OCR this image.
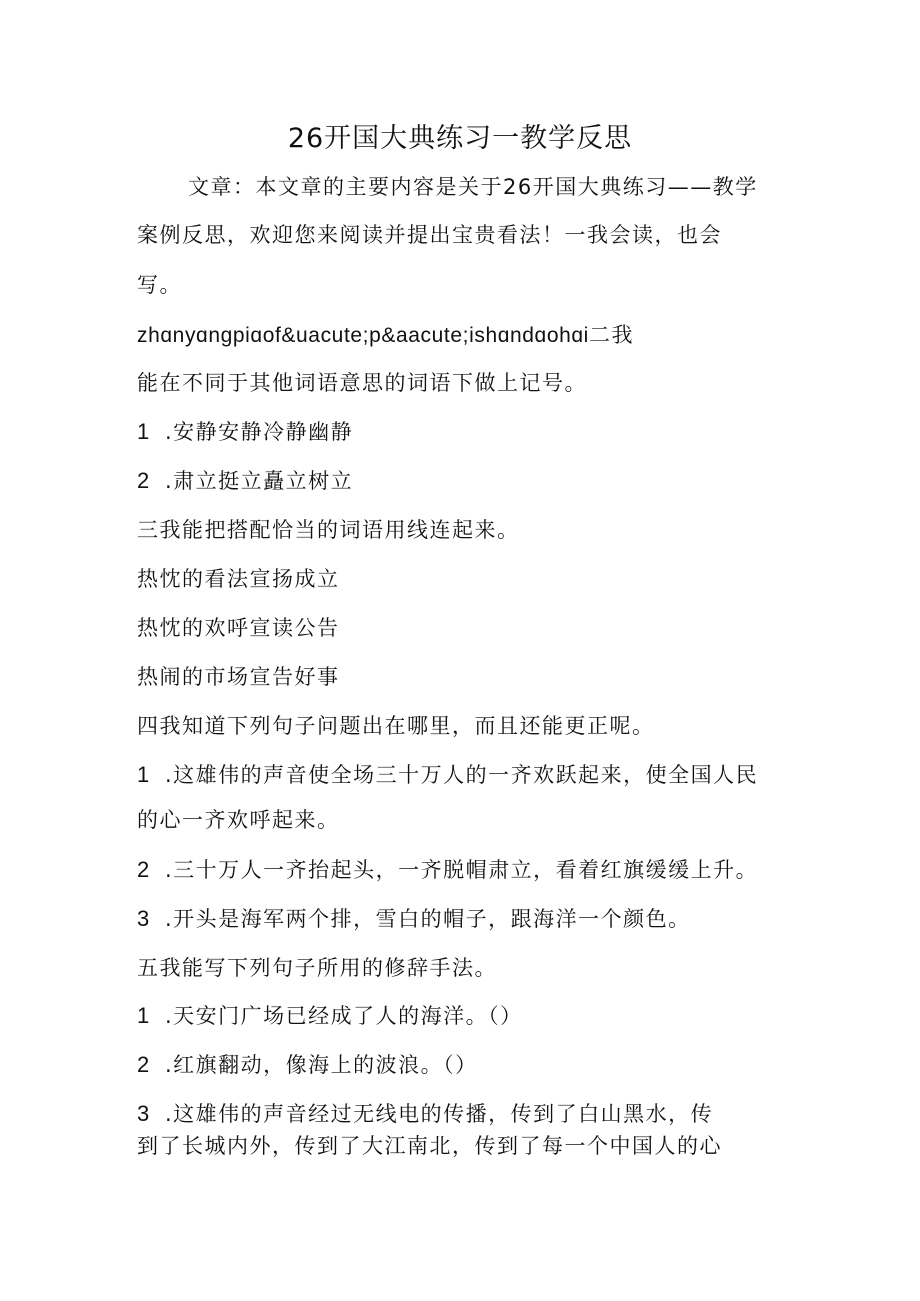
26开国大典练习一教学反思
文章：本文章的主要内容是关于26开国大典练习——教学
案例反思，欢迎您来阅读并提出宝贵看法！一我会读，也会
写。
zhɑnyɑngpiɑof&uacute;p&aacute;ishɑndɑohɑi二我
能在不同于其他词语意思的词语下做上记号。
1 .安静安静冷静幽静
2 .肃立挺立矗立树立
三我能把搭配恰当的词语用线连起来。
热忱的看法宣扬成立
热忱的欢呼宣读公告
热闹的市场宣告好事
四我知道下列句子问题出在哪里，而且还能更正呢。
1 .这雄伟的声音使全场三十万人的一齐欢跃起来，使全国人民
的心一齐欢呼起来。
2 .三十万人一齐抬起头，一齐脱帽肃立，看着红旗缓缓上升。
3 .开头是海军两个排，雪白的帽子，跟海洋一个颜色。
五我能写下列句子所用的修辞手法。
1 .天安门广场已经成了人的海洋。（）
2 .红旗翻动，像海上的波浪。（）
3 .这雄伟的声音经过无线电的传播，传到了白山黑水，传
到了长城内外，传到了大江南北，传到了每一个中国人的心
